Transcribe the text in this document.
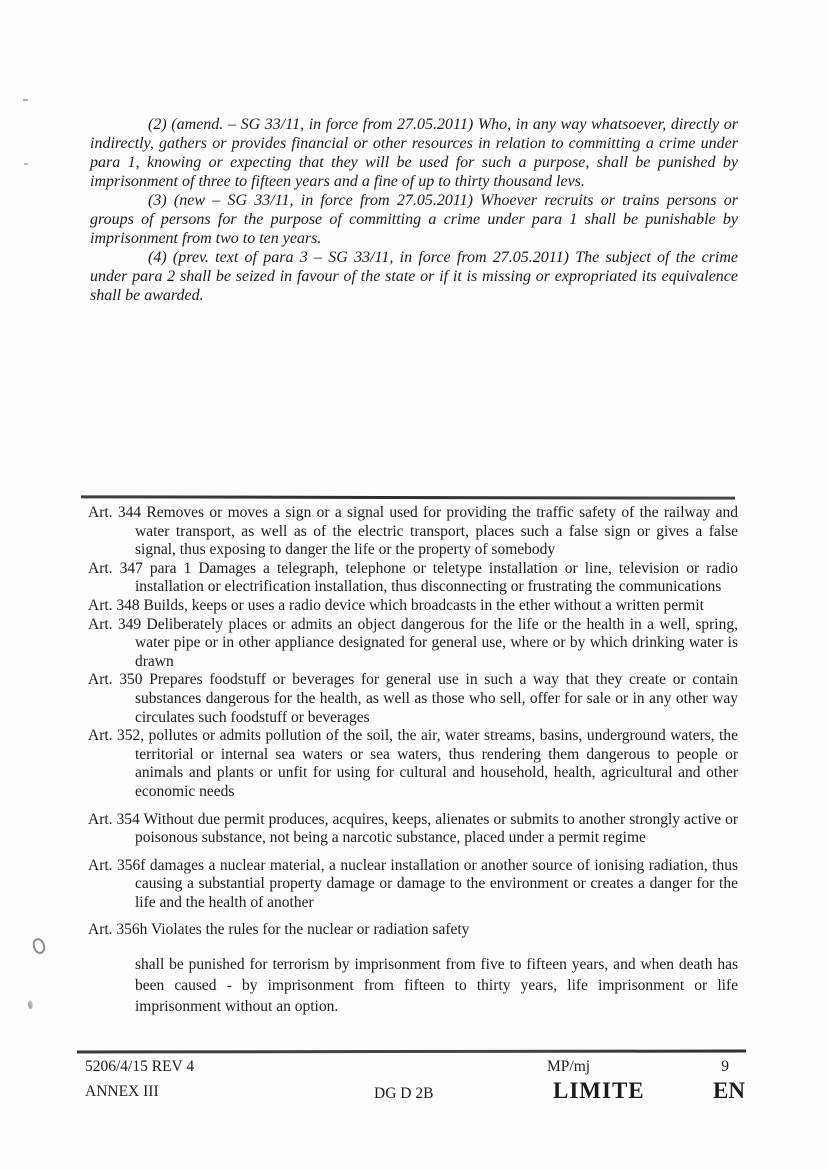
(2) (amend. – SG 33/11, in force from 27.05.2011) Who, in any way whatsoever, directly or indirectly, gathers or provides financial or other resources in relation to committing a crime under para 1, knowing or expecting that they will be used for such a purpose, shall be punished by imprisonment of three to fifteen years and a fine of up to thirty thousand levs.

(3) (new – SG 33/11, in force from 27.05.2011) Whoever recruits or trains persons or groups of persons for the purpose of committing a crime under para 1 shall be punishable by imprisonment from two to ten years.

(4) (prev. text of para 3 – SG 33/11, in force from 27.05.2011) The subject of the crime under para 2 shall be seized in favour of the state or if it is missing or expropriated its equivalence shall be awarded.

Art. 344 Removes or moves a sign or a signal used for providing the traffic safety of the railway and water transport, as well as of the electric transport, places such a false sign or gives a false signal, thus exposing to danger the life or the property of somebody

Art. 347 para 1 Damages a telegraph, telephone or teletype installation or line, television or radio installation or electrification installation, thus disconnecting or frustrating the communications

Art. 348 Builds, keeps or uses a radio device which broadcasts in the ether without a written permit

Art. 349 Deliberately places or admits an object dangerous for the life or the health in a well, spring, water pipe or in other appliance designated for general use, where or by which drinking water is drawn

Art. 350 Prepares foodstuff or beverages for general use in such a way that they create or contain substances dangerous for the health, as well as those who sell, offer for sale or in any other way circulates such foodstuff or beverages

Art. 352, pollutes or admits pollution of the soil, the air, water streams, basins, underground waters, the territorial or internal sea waters or sea waters, thus rendering them dangerous to people or animals and plants or unfit for using for cultural and household, health, agricultural and other economic needs

Art. 354 Without due permit produces, acquires, keeps, alienates or submits to another strongly active or poisonous substance, not being a narcotic substance, placed under a permit regime

Art. 356f damages a nuclear material, a nuclear installation or another source of ionising radiation, thus causing a substantial property damage or damage to the environment or creates a danger for the life and the health of another

Art. 356h Violates the rules for the nuclear or radiation safety

shall be punished for terrorism by imprisonment from five to fifteen years, and when death has been caused - by imprisonment from fifteen to thirty years, life imprisonment or life imprisonment without an option.

5206/4/15 REV 4	MP/mj	9
ANNEX III	DG D 2B	LIMITE	EN
